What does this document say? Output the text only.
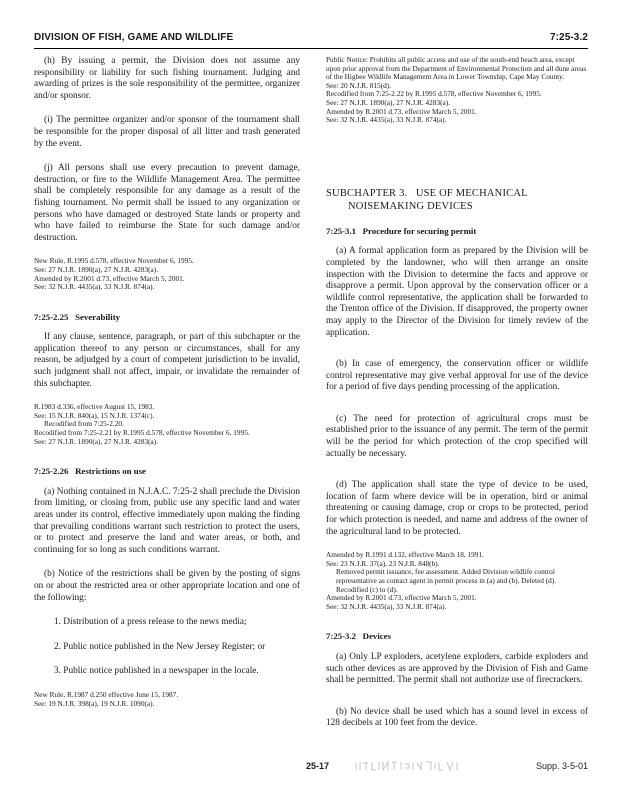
DIVISION OF FISH, GAME AND WILDLIFE	7:25-3.2

(h) By issuing a permit, the Division does not assume any responsibility or liability for such fishing tournament. Judging and awarding of prizes is the sole responsibility of the permittee, organizer and/or sponsor.

(i) The permittee organizer and/or sponsor of the tournament shall be responsible for the proper disposal of all litter and trash generated by the event.

(j) All persons shall use every precaution to prevent damage, destruction, or fire to the Wildlife Management Area. The permittee shall be completely responsible for any damage as a result of the fishing tournament. No permit shall be issued to any organization or persons who have damaged or destroyed State lands or property and who have failed to reimburse the State for such damage and/or destruction.

New Rule, R.1995 d.578, effective November 6, 1995.
See: 27 N.J.R. 1890(a), 27 N.J.R. 4283(a).
Amended by R.2001 d.73, effective March 5, 2001.
See: 32 N.J.R. 4435(a), 33 N.J.R. 874(a).

7:25-2.25 Severability

If any clause, sentence, paragraph, or part of this subchapter or the application thereof to any person or circumstances, shall for any reason, be adjudged by a court of competent jurisdiction to be invalid, such judgment shall not affect, impair, or invalidate the remainder of this subchapter.

R.1983 d.336, effective August 15, 1983.
See: 15 N.J.R. 840(a), 15 N.J.R. 1374(c).
Recodified from 7:25-2.20.
Recodified from 7:25-2.21 by R.1995 d.578, effective November 6, 1995.
See: 27 N.J.R. 1890(a), 27 N.J.R. 4283(a).

7:25-2.26 Restrictions on use

(a) Nothing contained in N.J.A.C. 7:25-2 shall preclude the Division from limiting, or closing from, public use any specific land and water areas under its control, effective immediately upon making the finding that prevailing conditions warrant such restriction to protect the users, or to protect and preserve the land and water areas, or both, and continuing for so long as such conditions warrant.

(b) Notice of the restrictions shall be given by the posting of signs on or about the restricted area or other appropriate location and one of the following:

1. Distribution of a press release to the news media;

2. Public notice published in the New Jersey Register; or

3. Public notice published in a newspaper in the locale.

New Rule, R.1987 d.250 effective June 15, 1987.
See: 19 N.J.R. 398(a), 19 N.J.R. 1090(a).
Public Notice: Prohibits all public access and use of the south-end beach area, except upon prior approval from the Department of Environmental Protection and all dune areas of the Higbee Wildlife Management Area in Lower Township, Cape May County.
See: 20 N.J.R. 815(d).
Recodified from 7:25-2.22 by R.1995 d.578, effective November 6, 1995.
See: 27 N.J.R. 1890(a), 27 N.J.R. 4283(a).
Amended by R.2001 d.73, effective March 5, 2001.
See: 32 N.J.R. 4435(a), 33 N.J.R. 874(a).
SUBCHAPTER 3.   USE OF MECHANICAL
NOISEMAKING DEVICES

7:25-3.1 Procedure for securing permit

(a) A formal application form as prepared by the Division will be completed by the landowner, who will then arrange an onsite inspection with the Division to determine the facts and approve or disapprove a permit. Upon approval by the conservation officer or a wildlife control representative, the application shall be forwarded to the Trenton office of the Division. If disapproved, the property owner may apply to the Director of the Division for timely review of the application.

(b) In case of emergency, the conservation officer or wildlife control representative may give verbal approval for use of the device for a period of five days pending processing of the application.

(c) The need for protection of agricultural crops must be established prior to the issuance of any permit. The term of the permit will be the period for which protection of the crop specified will actually be necessary.

(d) The application shall state the type of device to be used, location of farm where device will be in operation, bird or animal threatening or causing damage, crop or crops to be protected, period for which protection is needed, and name and address of the owner of the agricultural land to be protected.

Amended by R.1991 d.132, effective March 18, 1991.
See: 23 N.J.R. 37(a), 23 N.J.R. 848(b).
Removed permit issuance, fee assessment. Added Division wildlife control representative as contact agent in permit process in (a) and (b). Deleted (d). Recodified (c) to (d).
Amended by R.2001 d.73, effective March 5, 2001.
See: 32 N.J.R. 4435(a), 33 N.J.R. 874(a).

7:25-3.2 Devices

(a) Only LP exploders, acetylene exploders, carbide exploders and such other devices as are approved by the Division of Fish and Game shall be permitted. The permit shall not authorize use of firecrackers.

(b) No device shall be used which has a sound level in excess of 128 decibels at 100 feet from the device.

25-17	Supp. 3-5-01
